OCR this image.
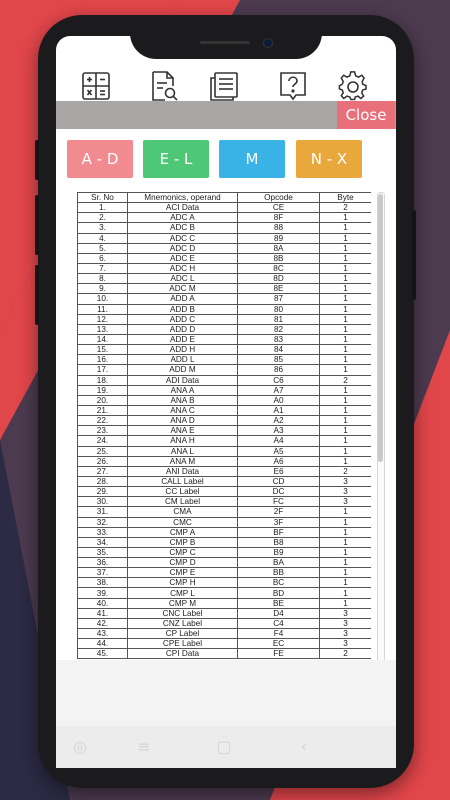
Close
A - D	E - L	M	N - X
Sr. No	Mnemonics, operand	Opcode	Byte
1.	ACI Data	CE	2
2.	ADC A	8F	1
3.	ADC B	88	1
4.	ADC C	89	1
5.	ADC D	8A	1
6.	ADC E	8B	1
7.	ADC H	8C	1
8.	ADC L	8D	1
9.	ADC M	8E	1
10.	ADD A	87	1
11.	ADD B	80	1
12.	ADD C	81	1
13.	ADD D	82	1
14.	ADD E	83	1
15.	ADD H	84	1
16.	ADD L	85	1
17.	ADD M	86	1
18.	ADI Data	C6	2
19.	ANA A	A7	1
20.	ANA B	A0	1
21.	ANA C	A1	1
22.	ANA D	A2	1
23.	ANA E	A3	1
24.	ANA H	A4	1
25.	ANA L	A5	1
26.	ANA M	A6	1
27.	ANI Data	E6	2
28.	CALL Label	CD	3
29.	CC Label	DC	3
30.	CM Label	FC	3
31.	CMA	2F	1
32.	CMC	3F	1
33.	CMP A	BF	1
34.	CMP B	B8	1
35.	CMP C	B9	1
36.	CMP D	BA	1
37.	CMP E	BB	1
38.	CMP H	BC	1
39.	CMP L	BD	1
40.	CMP M	BE	1
41.	CNC Label	D4	3
42.	CNZ Label	C4	3
43.	CP Label	F4	3
44.	CPE Label	EC	3
45.	CPI Data	FE	2
◎	≡	▢	‹
